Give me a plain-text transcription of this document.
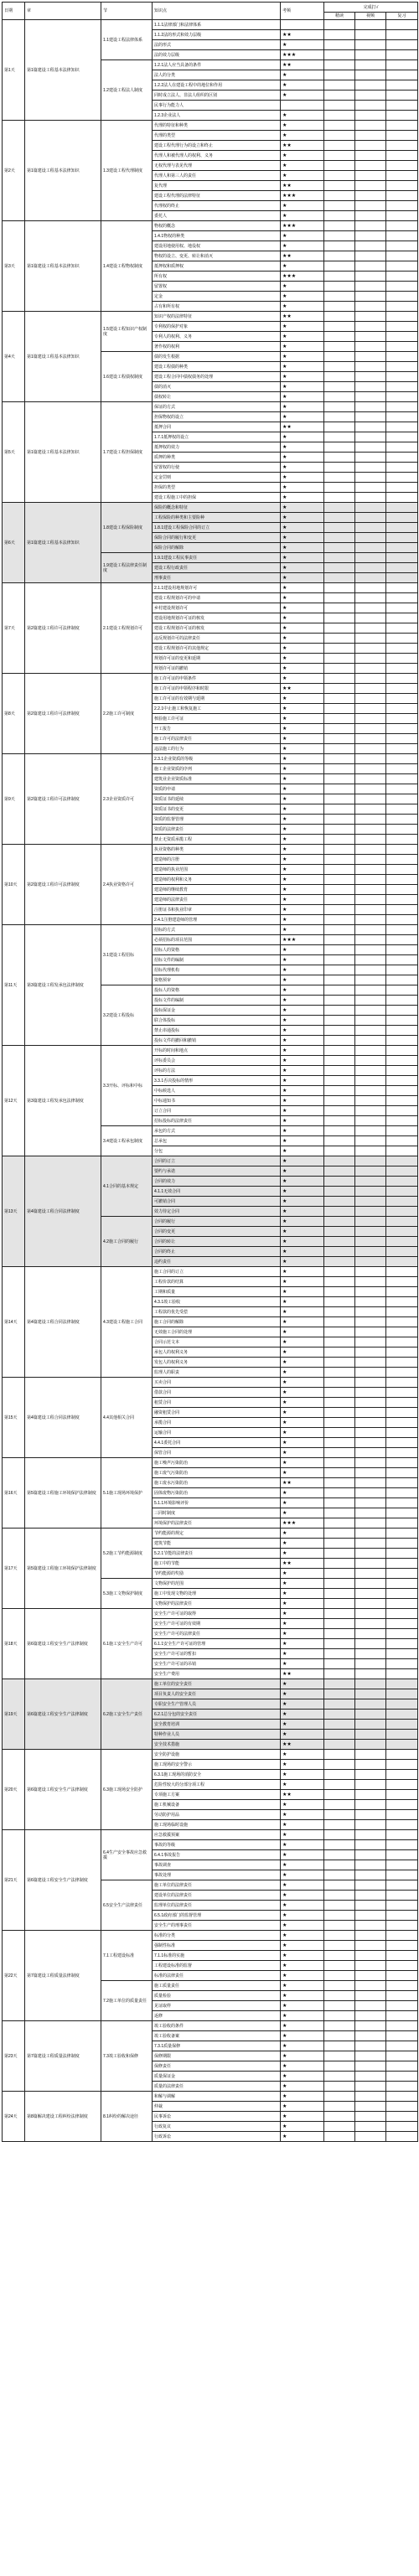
日期	章	节	知识点	考频	完成打√		
					精读	视频	复习
第1天	第1篇建设工程基本法律知识	1.1建设工程法律体系	1.1.1法律部门和法律体系				
			1.1.2法的形式和效力层级	★★			
			法的形式	★			
			法的效力层级	★★★			
		1.2建设工程法人制度	1.2.1法人应当具备的条件	★★			
			法人的分类	★			
			1.2.2法人在建设工程中的地位和作用	★			
			同时成立法人、非法人组织的区别	★			
			民事行为能力人				
			1.2.3企业法人	★			
第2天	第1篇建设工程基本法律知识	1.3建设工程代理制度	代理的特征和种类	★			
			代理的类型	★			
			建设工程代理行为的设立和终止	★★			
			代理人和被代理人的权利、义务	★			
			无权代理与表见代理	★			
			代理人和第三人的责任	★			
			复代理	★★			
			建设工程代理的法律特征	★★★			
			代理权的终止	★			
			委托人	★			
第3天	第1篇建设工程基本法律知识	1.4建设工程物权制度	物权的概念	★★★			
			1.4.1物权的种类	★			
			建设用地使用权、地役权	★			
			物权的设立、变更、转让和消灭	★★			
			抵押权和质押权	★			
			所有权	★★★			
			留置权	★			
			定金	★			
			占有和所有权	★			
第4天	第1篇建设工程基本法律知识	1.5建设工程知识产权制度	知识产权的法律特征	★★			
			专利权的保护对象	★			
			专利人的权利、义务	★			
			著作权的权利	★			
		1.6建设工程债权制度	债的发生根据	★			
			建设工程债的种类	★			
			建设工程合同中债权债务的处理	★			
			债的消灭	★			
			债权转让	★			
第5天	第1篇建设工程基本法律知识	1.7建设工程担保制度	保证的方式	★			
			担保物权的设立	★			
			抵押合同	★★			
			1.7.1抵押权的设立	★			
			抵押权的效力	★			
			质押的种类	★			
			留置权的行使	★			
			定金罚则	★			
			担保的类型	★			
			建设工程施工中的担保	★			
第6天	第1篇建设工程基本法律知识	1.8建设工程保险制度	保险的概念和特征	★			
			工程保险的种类和主要险种	★			
			1.8.1建设工程保险合同的订立	★			
			保险合同的履行和变更	★			
			保险合同的解除	★			
		1.9建设工程法律责任制度	1.9.1建设工程民事责任	★			
			建设工程行政责任	★			
			刑事责任	★			
第7天	第2篇建设工程许可法律制度	2.1建设工程规划许可	2.1.1建设用地规划许可	★			
			建设工程规划许可的申请	★			
			乡村建设规划许可	★			
			建设用地规划许可证的核发	★			
			建设工程规划许可证的核发	★			
			违反规划许可的法律责任	★			
			建设工程规划许可的其他规定	★			
			规划许可证的变更和延期	★			
			规划许可证的撤销	★			
第8天	第2篇建设工程许可法律制度	2.2施工许可制度	施工许可证的申领条件	★			
			施工许可证的申领程序和时限	★★			
			施工许可证的有效期与延期	★			
			2.2.1中止施工和恢复施工	★			
			核验施工许可证	★			
			开工报告	★			
			施工许可的法律责任	★			
			违法施工的行为	★			
第9天	第2篇建设工程许可法律制度	2.3企业资质许可	2.3.1企业资质的等级	★			
			施工企业资质的序列	★			
			建筑业企业资质标准	★			
			资质的申请	★			
			资质证书的延续	★			
			资质证书的变更	★			
			资质的监督管理	★			
			资质的法律责任	★			
			禁止无资质承揽工程	★			
第10天	第2篇建设工程许可法律制度	2.4执业资格许可	执业资格的种类	★			
			建造师的注册	★			
			建造师的执业范围	★			
			建造师的权利和义务	★			
			建造师的继续教育	★			
			建造师的法律责任	★			
			注册证书和执业印章	★			
			2.4.1注册建造师的管理	★			
第11天	第3篇建设工程发承包法律制度	3.1建设工程招标	招标的方式	★			
			必须招标的项目范围	★★★			
			招标人的资格	★			
			招标文件的编制	★			
			招标代理机构	★			
			资格预审	★			
		3.2建设工程投标	投标人的资格	★			
			投标文件的编制	★			
			投标保证金	★			
			联合体投标	★			
			禁止串通投标	★			
			投标文件的撤回和撤销	★			
第12天	第3篇建设工程发承包法律制度	3.3开标、评标和中标	开标的时间和地点	★			
			评标委员会	★			
			评标的方法	★			
			3.3.1否决投标的情形	★			
			中标候选人	★			
			中标通知书	★			
			订立合同	★			
			招标投标的法律责任	★			
		3.4建设工程承包制度	承包的方式	★			
			总承包	★			
			分包	★			
第13天	第4篇建设工程合同法律制度	4.1合同的基本规定	合同的订立	★			
			要约与承诺	★			
			合同的效力	★			
			4.1.1无效合同	★			
			可撤销合同	★			
			效力待定合同	★			
		4.2施工合同的履行	合同的履行	★			
			合同的变更	★			
			合同的转让	★			
			合同的终止	★			
			违约责任	★			
第14天	第4篇建设工程合同法律制度	4.3建设工程施工合同	施工合同的订立	★			
			工程价款的结算	★			
			工期和质量	★			
			4.3.1竣工验收	★			
			工程款的优先受偿	★			
			施工合同的解除	★			
			无效施工合同的处理	★			
			合同示范文本	★			
			承包人的权利义务	★			
			发包人的权利义务	★			
			监理人的职责	★			
第15天	第4篇建设工程合同法律制度	4.4其他相关合同	买卖合同	★			
			借款合同	★			
			租赁合同	★			
			融资租赁合同	★			
			承揽合同	★			
			运输合同	★			
			4.4.1委托合同	★			
			保管合同	★			
第16天	第5篇建设工程施工环境保护法律制度	5.1施工现场环境保护	施工噪声污染防治	★			
			施工废气污染防治	★			
			施工废水污染防治	★★			
			固体废物污染防治	★			
			5.1.1环境影响评价	★			
			三同时制度	★			
			环境保护的法律责任	★★★			
第17天	第5篇建设工程施工环境保护法律制度	5.2施工节约能源制度	节约能源的规定	★			
			建筑节能	★			
			5.2.1节能的法律责任	★			
			施工中的节能	★★			
			节约能源的奖励	★			
		5.3施工文物保护制度	文物保护的范围	★			
			施工中发现文物的处理	★			
			文物保护的法律责任	★			
第18天	第6篇建设工程安全生产法律制度	6.1施工安全生产许可	安全生产许可证的取得	★			
			安全生产许可证的有效期	★			
			安全生产许可的法律责任	★			
			6.1.1安全生产许可证的管理	★			
			安全生产许可证的暂扣	★			
			安全生产许可证的吊销	★			
			安全生产费用	★★			
第19天	第6篇建设工程安全生产法律制度	6.2施工安全生产责任	施工单位的安全责任	★			
			项目负责人的安全责任	★			
			专职安全生产管理人员	★			
			6.2.1总分包的安全责任	★			
			安全教育培训	★			
			特种作业人员	★			
			安全技术措施	★★			
第20天	第6篇建设工程安全生产法律制度	6.3施工现场安全防护	安全防护设施	★			
			施工现场的安全警示	★			
			6.3.1施工现场的消防安全	★			
			危险性较大的分部分项工程	★			
			专项施工方案	★★			
			施工机械设备	★			
			劳动防护用品	★			
			施工现场临时设施	★			
第21天	第6篇建设工程安全生产法律制度	6.4生产安全事故应急救援	应急救援预案	★			
			事故的等级	★			
			6.4.1事故报告	★			
			事故调查	★			
			事故处理	★			
		6.5安全生产法律责任	施工单位的法律责任	★			
			建设单位的法律责任	★			
			监理单位的法律责任	★			
			6.5.1政府部门的监督管理	★			
			安全生产的刑事责任	★			
第22天	第7篇建设工程质量法律制度	7.1工程建设标准	标准的分类	★			
			强制性标准	★			
			7.1.1标准的实施	★			
			工程建设标准的监督	★			
			标准的法律责任	★			
		7.2施工单位的质量责任	施工质量责任	★			
			质量检验	★			
			见证取样	★			
			返修	★			
第23天	第7篇建设工程质量法律制度	7.3竣工验收和保修	竣工验收的条件	★			
			竣工验收备案	★			
			7.3.1质量保修	★			
			保修期限	★			
			保修责任	★			
			质量保证金	★			
			质量的法律责任	★			
第24天	第8篇解决建设工程纠纷法律制度	8.1纠纷的解决途径	和解与调解	★			
			仲裁	★			
			民事诉讼	★			
			行政复议	★			
			行政诉讼	★			
